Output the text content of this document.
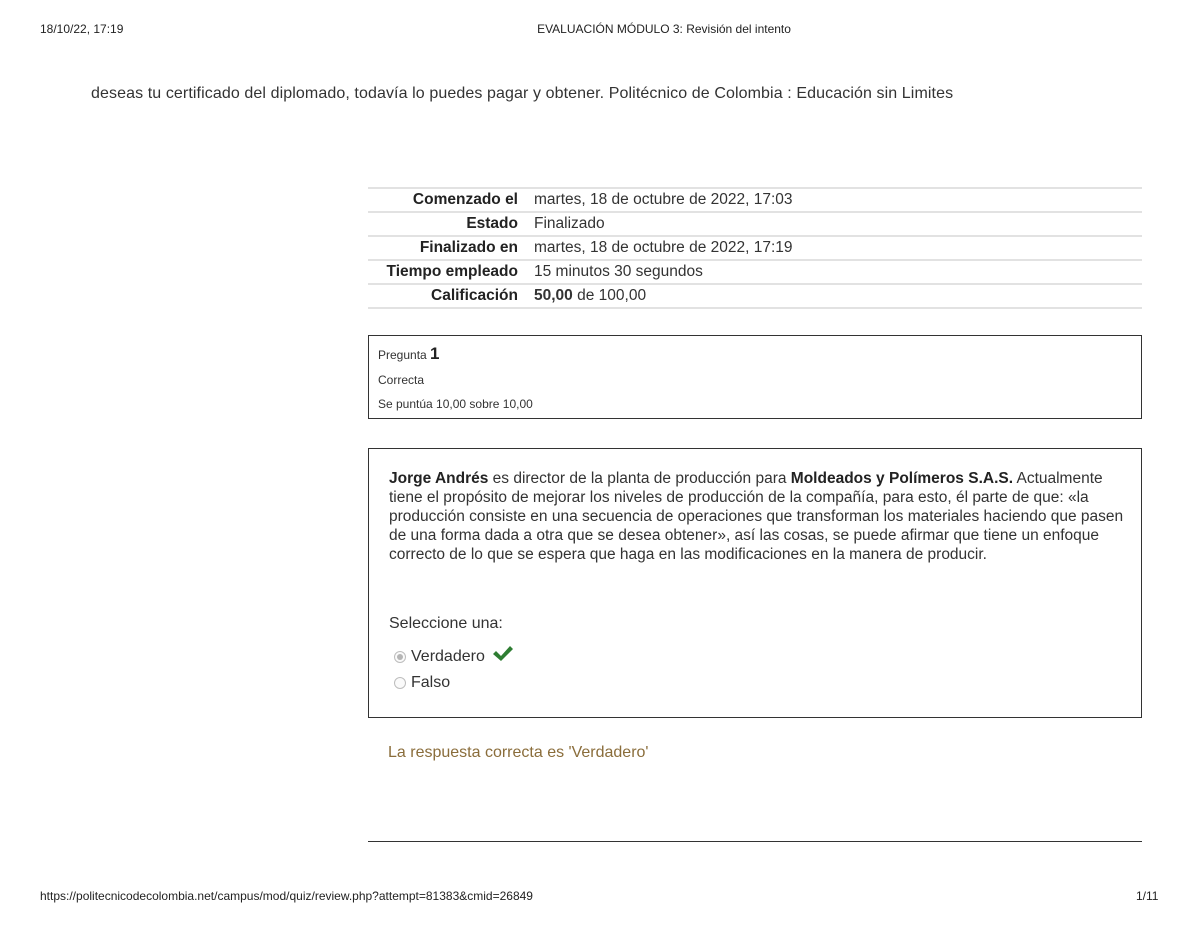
18/10/22, 17:19	EVALUACIÓN MÓDULO 3: Revisión del intento
deseas tu certificado del diplomado, todavía lo puedes pagar y obtener. Politécnico de Colombia : Educación sin Limites
Comenzado el	martes, 18 de octubre de 2022, 17:03
Estado	Finalizado
Finalizado en	martes, 18 de octubre de 2022, 17:19
Tiempo empleado	15 minutos 30 segundos
Calificación	50,00 de 100,00
Pregunta 1
Correcta
Se puntúa 10,00 sobre 10,00
Jorge Andrés es director de la planta de producción para Moldeados y Polímeros S.A.S. Actualmente tiene el propósito de mejorar los niveles de producción de la compañía, para esto, él parte de que: «la producción consiste en una secuencia de operaciones que transforman los materiales haciendo que pasen de una forma dada a otra que se desea obtener», así las cosas, se puede afirmar que tiene un enfoque correcto de lo que se espera que haga en las modificaciones en la manera de producir.
Seleccione una:
Verdadero
Falso
La respuesta correcta es 'Verdadero'
https://politecnicodecolombia.net/campus/mod/quiz/review.php?attempt=81383&cmid=26849	1/11
